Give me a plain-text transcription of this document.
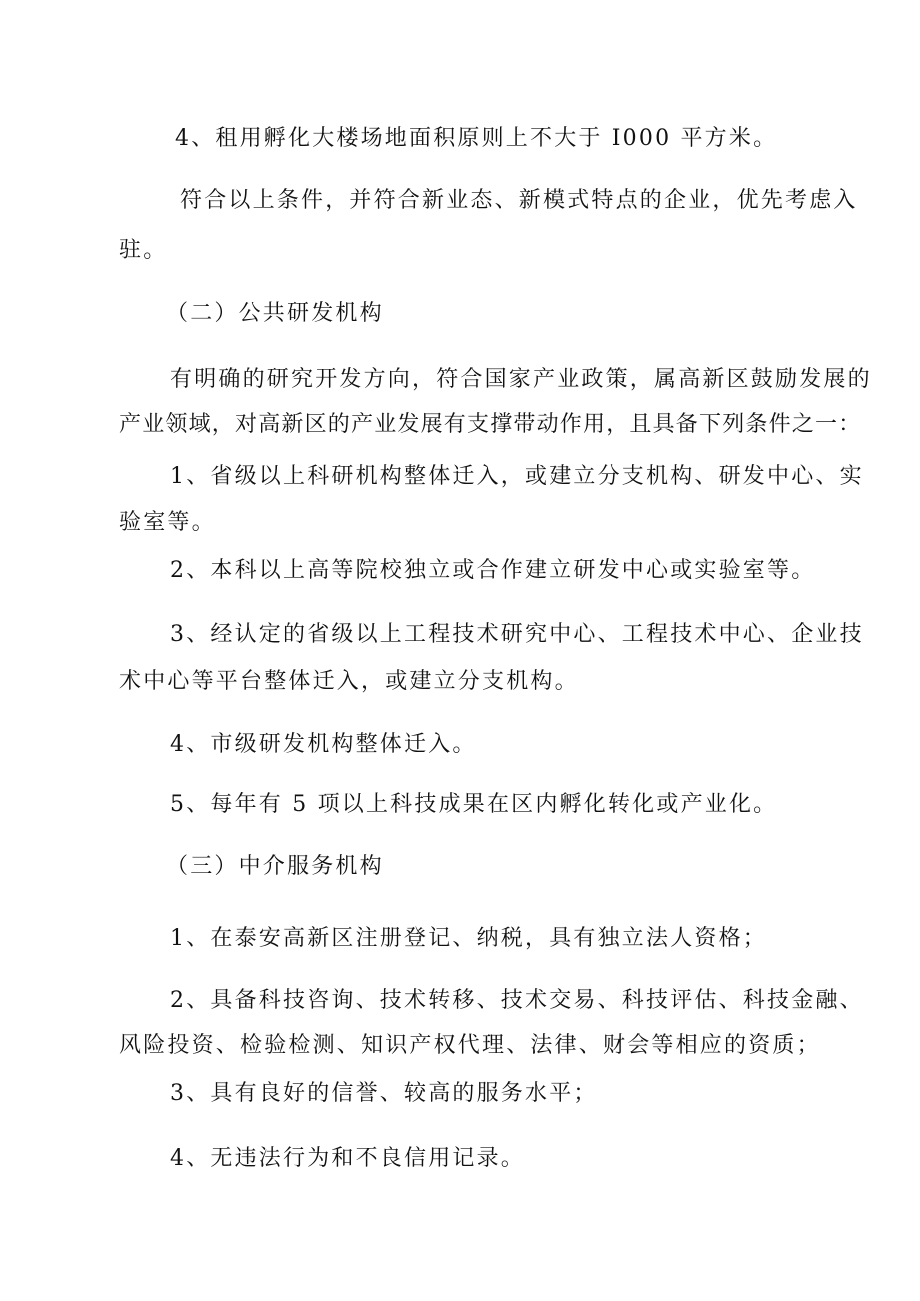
4、租用孵化大楼场地面积原则上不大于 I000 平方米。
符合以上条件，并符合新业态、新模式特点的企业，优先考虑入
驻。
（二）公共研发机构
有明确的研究开发方向，符合国家产业政策，属高新区鼓励发展的
产业领域，对高新区的产业发展有支撑带动作用，且具备下列条件之一：
1、省级以上科研机构整体迁入，或建立分支机构、研发中心、实
验室等。
2、本科以上高等院校独立或合作建立研发中心或实验室等。
3、经认定的省级以上工程技术研究中心、工程技术中心、企业技
术中心等平台整体迁入，或建立分支机构。
4、市级研发机构整体迁入。
5、每年有 5 项以上科技成果在区内孵化转化或产业化。
（三）中介服务机构
1、在泰安高新区注册登记、纳税，具有独立法人资格；
2、具备科技咨询、技术转移、技术交易、科技评估、科技金融、
风险投资、检验检测、知识产权代理、法律、财会等相应的资质；
3、具有良好的信誉、较高的服务水平；
4、无违法行为和不良信用记录。
